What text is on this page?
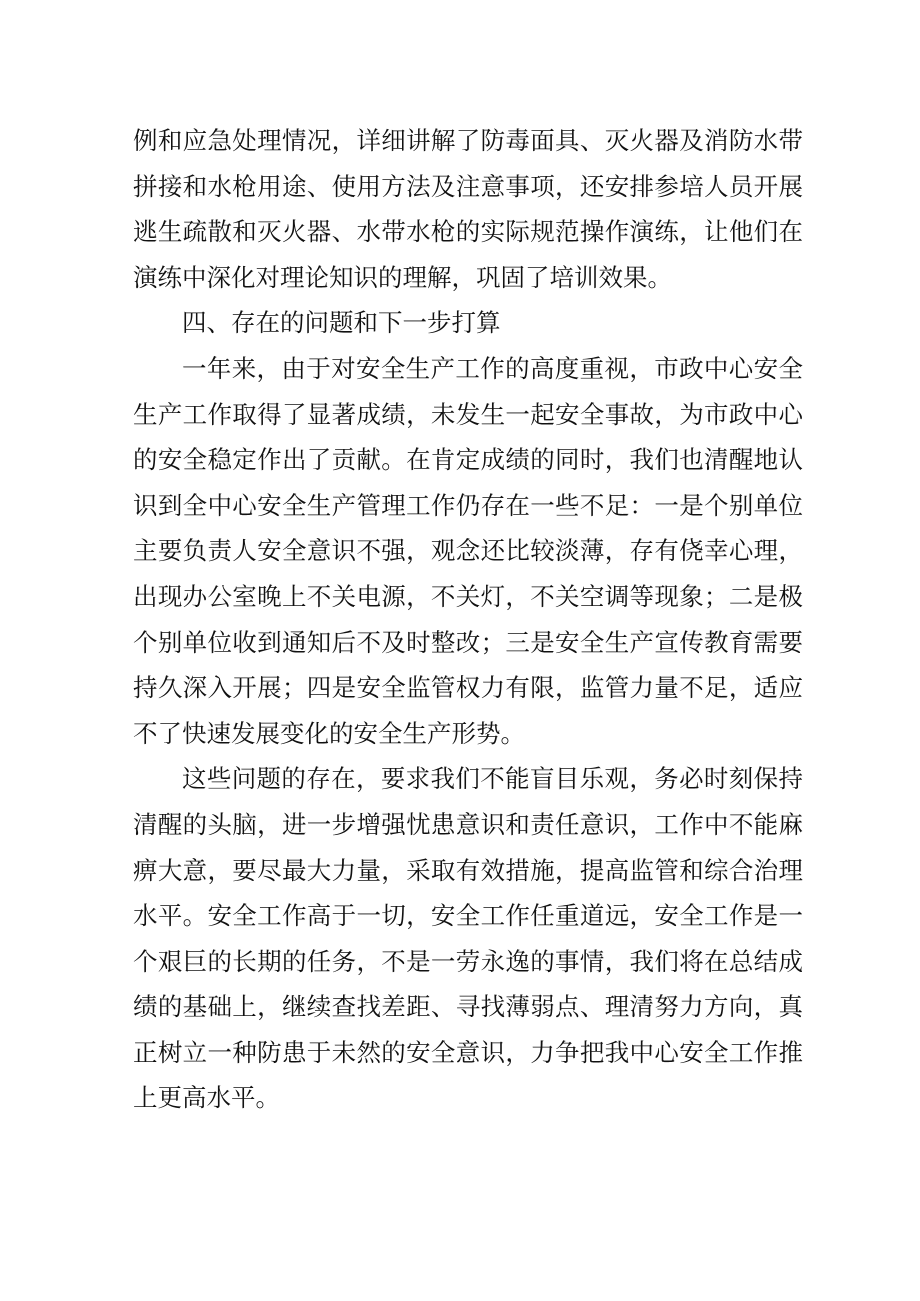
例和应急处理情况，详细讲解了防毒面具、灭火器及消防水带拼接和水枪用途、使用方法及注意事项，还安排参培人员开展逃生疏散和灭火器、水带水枪的实际规范操作演练，让他们在演练中深化对理论知识的理解，巩固了培训效果。

四、存在的问题和下一步打算

一年来，由于对安全生产工作的高度重视，市政中心安全生产工作取得了显著成绩，未发生一起安全事故，为市政中心的安全稳定作出了贡献。在肯定成绩的同时，我们也清醒地认识到全中心安全生产管理工作仍存在一些不足：一是个别单位主要负责人安全意识不强，观念还比较淡薄，存有侥幸心理，出现办公室晚上不关电源，不关灯，不关空调等现象；二是极个别单位收到通知后不及时整改；三是安全生产宣传教育需要持久深入开展；四是安全监管权力有限，监管力量不足，适应不了快速发展变化的安全生产形势。

这些问题的存在，要求我们不能盲目乐观，务必时刻保持清醒的头脑，进一步增强忧患意识和责任意识，工作中不能麻痹大意，要尽最大力量，采取有效措施，提高监管和综合治理水平。安全工作高于一切，安全工作任重道远，安全工作是一个艰巨的长期的任务，不是一劳永逸的事情，我们将在总结成绩的基础上，继续查找差距、寻找薄弱点、理清努力方向，真正树立一种防患于未然的安全意识，力争把我中心安全工作推上更高水平。
